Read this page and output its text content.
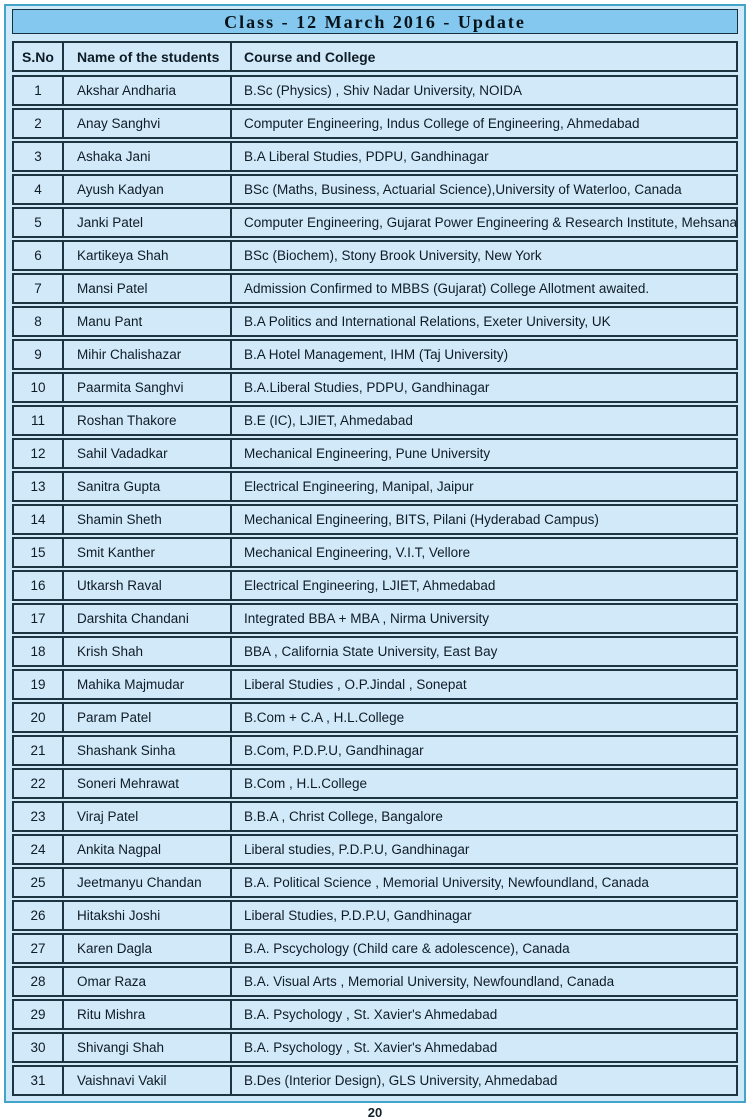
Class - 12 March 2016 - Update
S.No	Name of the students	Course and College
1	Akshar Andharia	B.Sc (Physics) , Shiv Nadar University, NOIDA
2	Anay Sanghvi	Computer Engineering, Indus College of Engineering, Ahmedabad
3	Ashaka Jani	B.A Liberal Studies, PDPU, Gandhinagar
4	Ayush Kadyan	BSc (Maths, Business, Actuarial Science),University of Waterloo, Canada
5	Janki Patel	Computer Engineering, Gujarat Power Engineering & Research Institute, Mehsana
6	Kartikeya Shah	BSc (Biochem), Stony Brook University, New York
7	Mansi Patel	Admission Confirmed to MBBS (Gujarat) College Allotment awaited.
8	Manu Pant	B.A Politics and International Relations, Exeter University, UK
9	Mihir Chalishazar	B.A Hotel Management, IHM (Taj University)
10	Paarmita Sanghvi	B.A.Liberal Studies, PDPU, Gandhinagar
11	Roshan Thakore	B.E (IC), LJIET, Ahmedabad
12	Sahil Vadadkar	Mechanical Engineering, Pune University
13	Sanitra Gupta	Electrical Engineering, Manipal, Jaipur
14	Shamin Sheth	Mechanical Engineering, BITS, Pilani (Hyderabad Campus)
15	Smit Kanther	Mechanical Engineering, V.I.T, Vellore
16	Utkarsh Raval	Electrical Engineering, LJIET, Ahmedabad
17	Darshita Chandani	Integrated BBA + MBA , Nirma University
18	Krish Shah	BBA , California State University, East Bay
19	Mahika Majmudar	Liberal Studies , O.P.Jindal , Sonepat
20	Param Patel	B.Com + C.A , H.L.College
21	Shashank Sinha	B.Com, P.D.P.U, Gandhinagar
22	Soneri Mehrawat	B.Com , H.L.College
23	Viraj Patel	B.B.A , Christ College, Bangalore
24	Ankita Nagpal	Liberal studies, P.D.P.U, Gandhinagar
25	Jeetmanyu Chandan	B.A. Political Science , Memorial University, Newfoundland, Canada
26	Hitakshi Joshi	Liberal Studies, P.D.P.U, Gandhinagar
27	Karen Dagla	B.A. Pscychology (Child care & adolescence), Canada
28	Omar Raza	B.A. Visual Arts , Memorial University, Newfoundland, Canada
29	Ritu Mishra	B.A. Psychology , St. Xavier's Ahmedabad
30	Shivangi Shah	B.A. Psychology , St. Xavier's Ahmedabad
31	Vaishnavi Vakil	B.Des (Interior Design), GLS University, Ahmedabad
20
